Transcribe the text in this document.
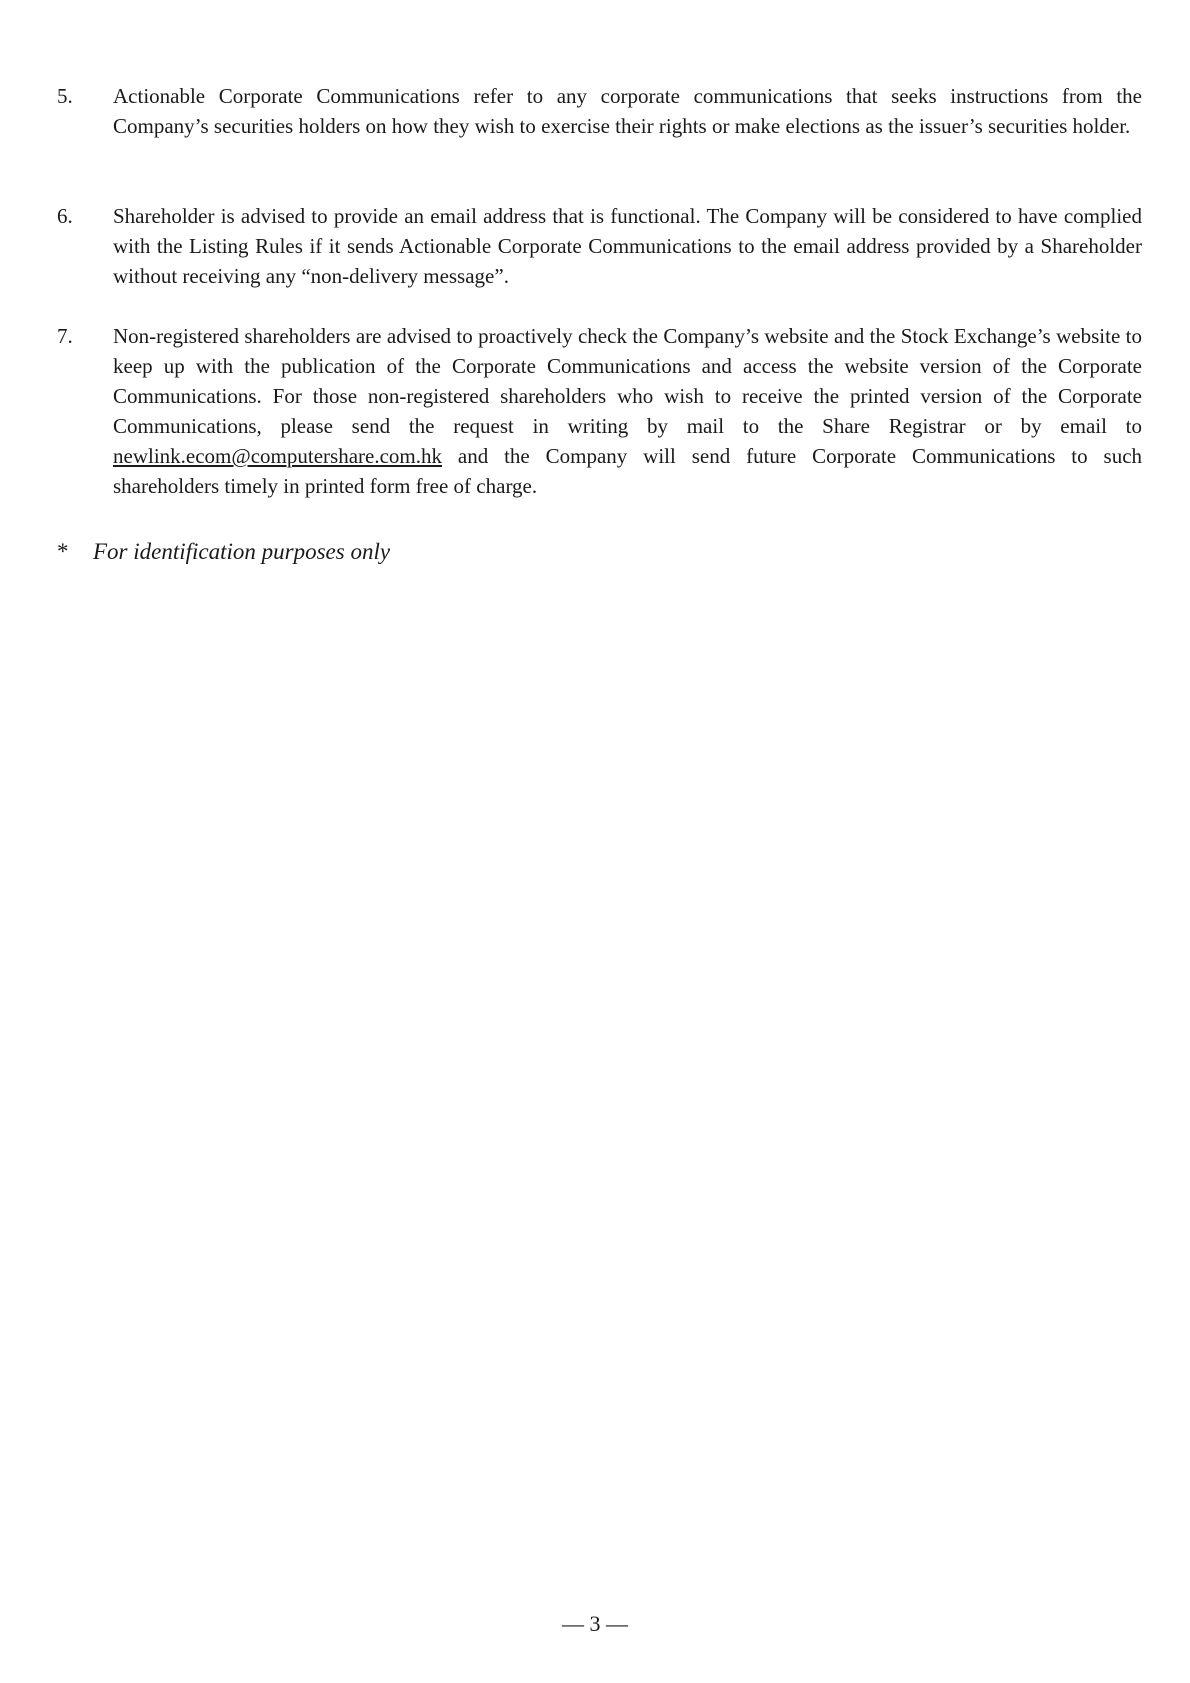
5.	Actionable Corporate Communications refer to any corporate communications that seeks instructions from the Company’s securities holders on how they wish to exercise their rights or make elections as the issuer’s securities holder.
6.	Shareholder is advised to provide an email address that is functional. The Company will be considered to have complied with the Listing Rules if it sends Actionable Corporate Communications to the email address provided by a Shareholder without receiving any “non-delivery message”.
7.	Non-registered shareholders are advised to proactively check the Company’s website and the Stock Exchange’s website to keep up with the publication of the Corporate Communications and access the website version of the Corporate Communications. For those non-registered shareholders who wish to receive the printed version of the Corporate Communications, please send the request in writing by mail to the Share Registrar or by email to newlink.ecom@computershare.com.hk and the Company will send future Corporate Communications to such shareholders timely in printed form free of charge.
*	For identification purposes only
— 3 —
